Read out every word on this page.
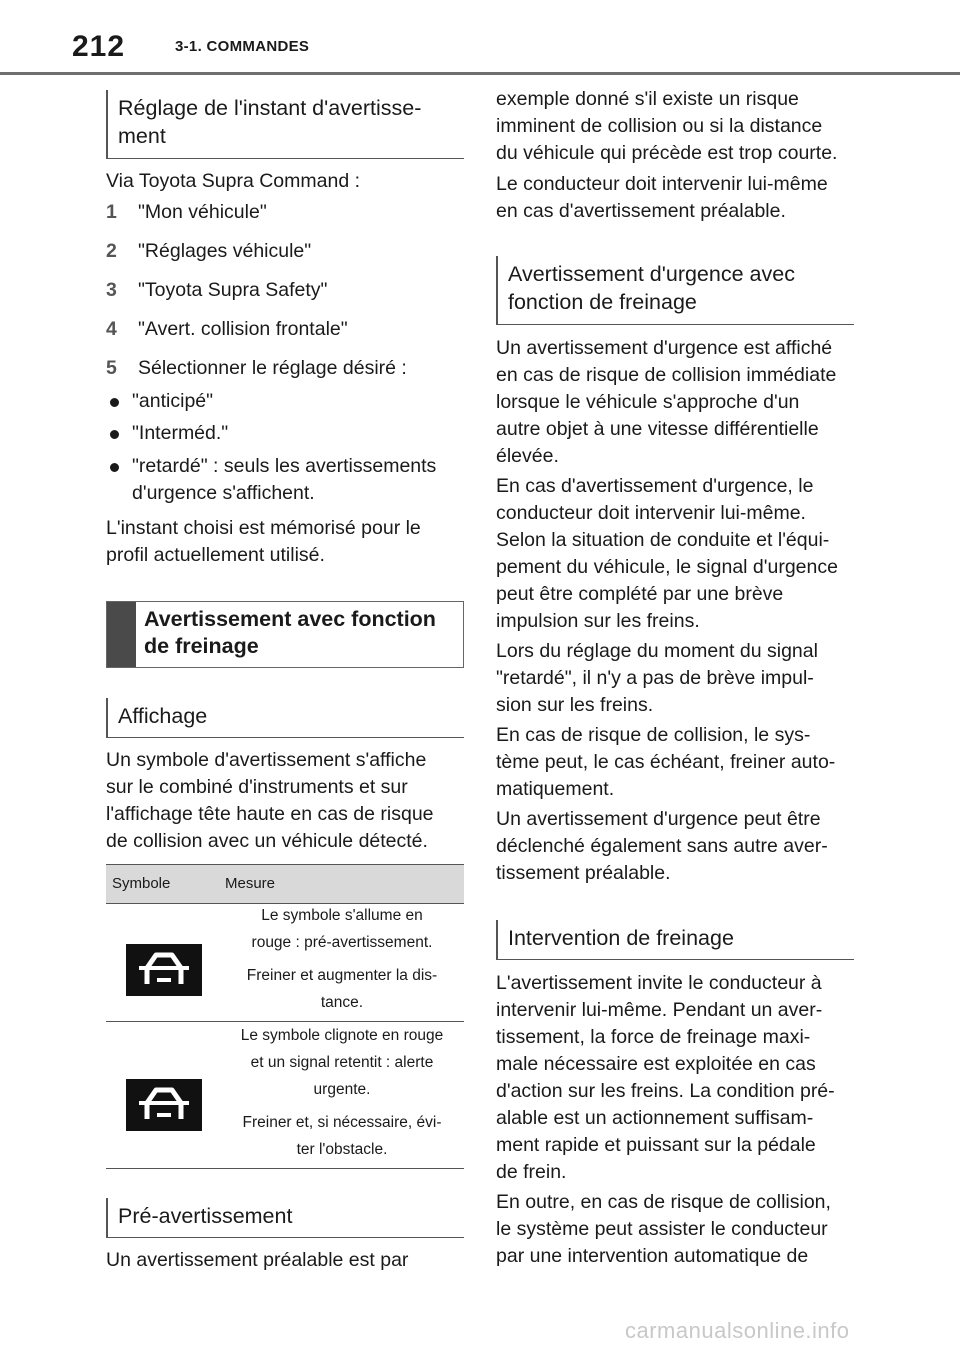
212	3-1. COMMANDES
Réglage de l'instant d'avertisse-
ment
Via Toyota Supra Command :
1 "Mon véhicule"
2 "Réglages véhicule"
3 "Toyota Supra Safety"
4 "Avert. collision frontale"
5 Sélectionner le réglage désiré :
"anticipé"
"Interméd."
"retardé" : seuls les avertissements
d'urgence s'affichent.
L'instant choisi est mémorisé pour le
profil actuellement utilisé.
Avertissement avec fonction
de freinage
Affichage
Un symbole d'avertissement s'affiche
sur le combiné d'instruments et sur
l'affichage tête haute en cas de risque
de collision avec un véhicule détecté.
Symbole	Mesure
Le symbole s'allume en
rouge : pré-avertissement.
Freiner et augmenter la dis-
tance.
Le symbole clignote en rouge
et un signal retentit : alerte
urgente.
Freiner et, si nécessaire, évi-
ter l'obstacle.
Pré-avertissement
Un avertissement préalable est par
exemple donné s'il existe un risque
imminent de collision ou si la distance
du véhicule qui précède est trop courte.
Le conducteur doit intervenir lui-même
en cas d'avertissement préalable.
Avertissement d'urgence avec
fonction de freinage
Un avertissement d'urgence est affiché
en cas de risque de collision immédiate
lorsque le véhicule s'approche d'un
autre objet à une vitesse différentielle
élevée.
En cas d'avertissement d'urgence, le
conducteur doit intervenir lui-même.
Selon la situation de conduite et l'équi-
pement du véhicule, le signal d'urgence
peut être complété par une brève
impulsion sur les freins.
Lors du réglage du moment du signal
"retardé", il n'y a pas de brève impul-
sion sur les freins.
En cas de risque de collision, le sys-
tème peut, le cas échéant, freiner auto-
matiquement.
Un avertissement d'urgence peut être
déclenché également sans autre aver-
tissement préalable.
Intervention de freinage
L'avertissement invite le conducteur à
intervenir lui-même. Pendant un aver-
tissement, la force de freinage maxi-
male nécessaire est exploitée en cas
d'action sur les freins. La condition pré-
alable est un actionnement suffisam-
ment rapide et puissant sur la pédale
de frein.
En outre, en cas de risque de collision,
le système peut assister le conducteur
par une intervention automatique de
carmanualsonline.info
